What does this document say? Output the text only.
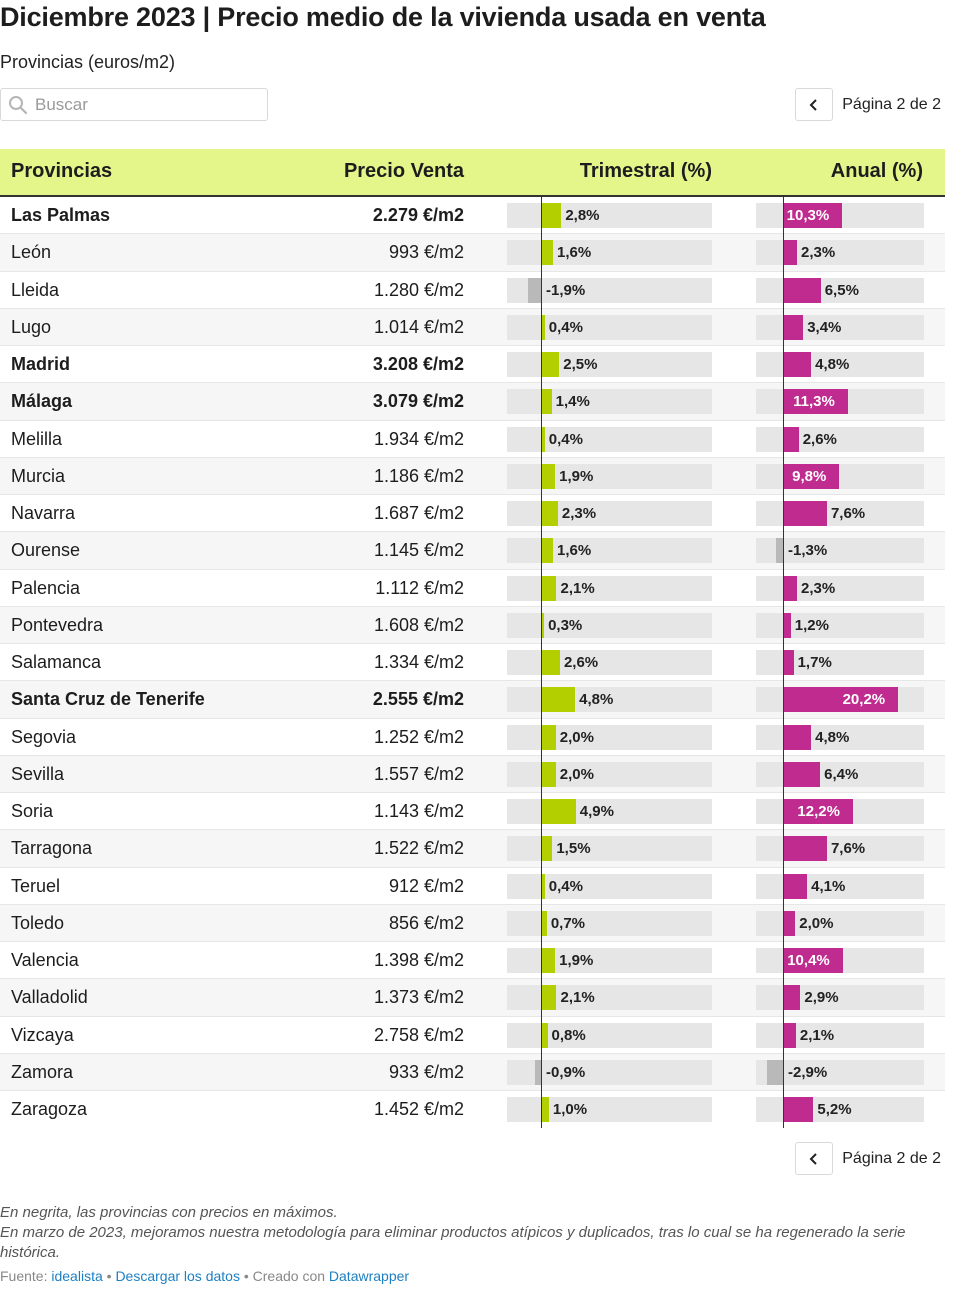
Diciembre 2023 | Precio medio de la vivienda usada en venta
Provincias (euros/m2)
Buscar
Página 2 de 2
Provincias	Precio Venta	Trimestral (%)	Anual (%)
Las Palmas	2.279 €/m2	2,8%	10,3%
León	993 €/m2	1,6%	2,3%
Lleida	1.280 €/m2	-1,9%	6,5%
Lugo	1.014 €/m2	0,4%	3,4%
Madrid	3.208 €/m2	2,5%	4,8%
Málaga	3.079 €/m2	1,4%	11,3%
Melilla	1.934 €/m2	0,4%	2,6%
Murcia	1.186 €/m2	1,9%	9,8%
Navarra	1.687 €/m2	2,3%	7,6%
Ourense	1.145 €/m2	1,6%	-1,3%
Palencia	1.112 €/m2	2,1%	2,3%
Pontevedra	1.608 €/m2	0,3%	1,2%
Salamanca	1.334 €/m2	2,6%	1,7%
Santa Cruz de Tenerife	2.555 €/m2	4,8%	20,2%
Segovia	1.252 €/m2	2,0%	4,8%
Sevilla	1.557 €/m2	2,0%	6,4%
Soria	1.143 €/m2	4,9%	12,2%
Tarragona	1.522 €/m2	1,5%	7,6%
Teruel	912 €/m2	0,4%	4,1%
Toledo	856 €/m2	0,7%	2,0%
Valencia	1.398 €/m2	1,9%	10,4%
Valladolid	1.373 €/m2	2,1%	2,9%
Vizcaya	2.758 €/m2	0,8%	2,1%
Zamora	933 €/m2	-0,9%	-2,9%
Zaragoza	1.452 €/m2	1,0%	5,2%
Página 2 de 2
En negrita, las provincias con precios en máximos.
En marzo de 2023, mejoramos nuestra metodología para eliminar productos atípicos y duplicados, tras lo cual se ha regenerado la serie histórica.
Fuente: idealista • Descargar los datos • Creado con Datawrapper
